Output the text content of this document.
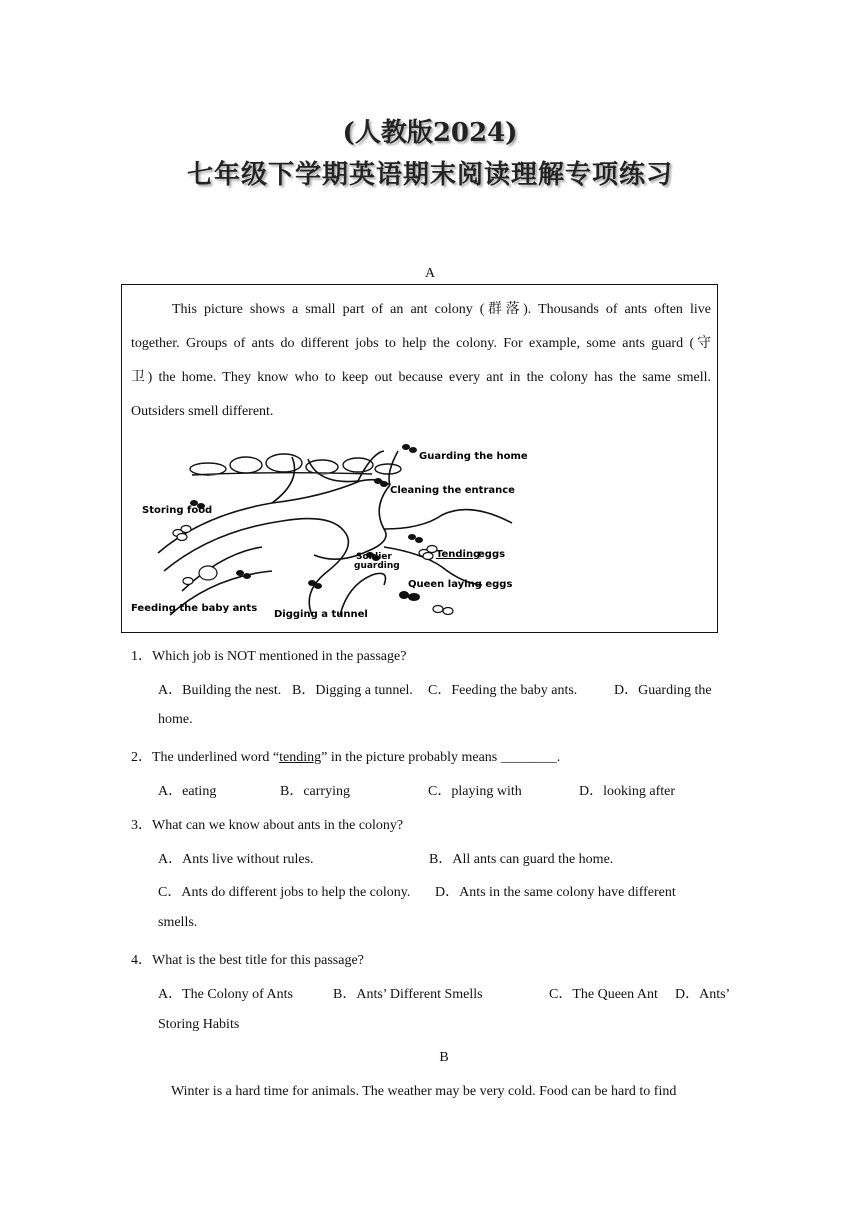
(人教版2024)
七年级下学期英语期末阅读理解专项练习
A
This picture shows a small part of an ant colony (群落). Thousands of ants often live
together. Groups of ants do different jobs to help the colony. For example, some ants guard (守
卫) the home. They know who to keep out because every ant in the colony has the same smell.
Outsiders smell different.
Guarding the home
Cleaning the entrance
Storing food
Tending
eggs
Soldier
guarding
Queen laying eggs
Feeding the baby ants
Digging a tunnel
1．Which job is NOT mentioned in the passage?
A．Building the nest. B．Digging a tunnel. C．Feeding the baby ants.	D．Guarding the
home.
2．The underlined word “tending” in the picture probably means ________.
A．eating	B．carrying	C．playing with	D．looking after
3．What can we know about ants in the colony?
A．Ants live without rules.	B．All ants can guard the home.
C．Ants do different jobs to help the colony. D．Ants in the same colony have different
smells.
4．What is the best title for this passage?
A．The Colony of Ants	B．Ants’ Different Smells	C．The Queen Ant D．Ants’
Storing Habits
B
Winter is a hard time for animals. The weather may be very cold. Food can be hard to find
